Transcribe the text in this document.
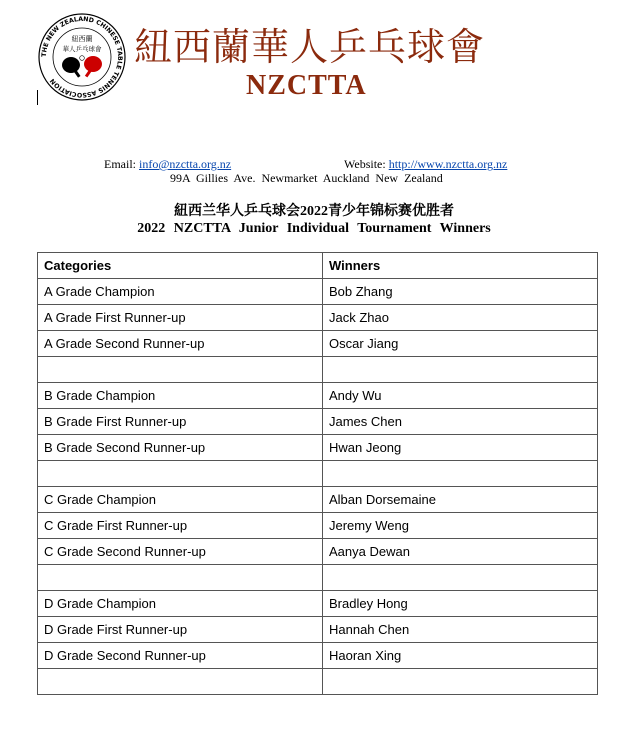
THE NEW ZEALAND CHINESE TABLE TENNIS ASSOCIATION
紐西蘭
華人乒乓球會 紐西蘭華人乒乓球會
NZCTTA
Email: info@nzctta.org.nz	Website: http://www.nzctta.org.nz
99A Gillies Ave. Newmarket Auckland New Zealand
紐西兰华人乒乓球会2022青少年锦标赛优胜者
2022 NZCTTA Junior Individual Tournament Winners
Categories	Winners
A Grade Champion	Bob Zhang
A Grade First Runner-up	Jack Zhao
A Grade Second Runner-up	Oscar Jiang

B Grade Champion	Andy Wu
B Grade First Runner-up	James Chen
B Grade Second Runner-up	Hwan Jeong

C Grade Champion	Alban Dorsemaine
C Grade First Runner-up	Jeremy Weng
C Grade Second Runner-up	Aanya Dewan

D Grade Champion	Bradley Hong
D Grade First Runner-up	Hannah Chen
D Grade Second Runner-up	Haoran Xing
